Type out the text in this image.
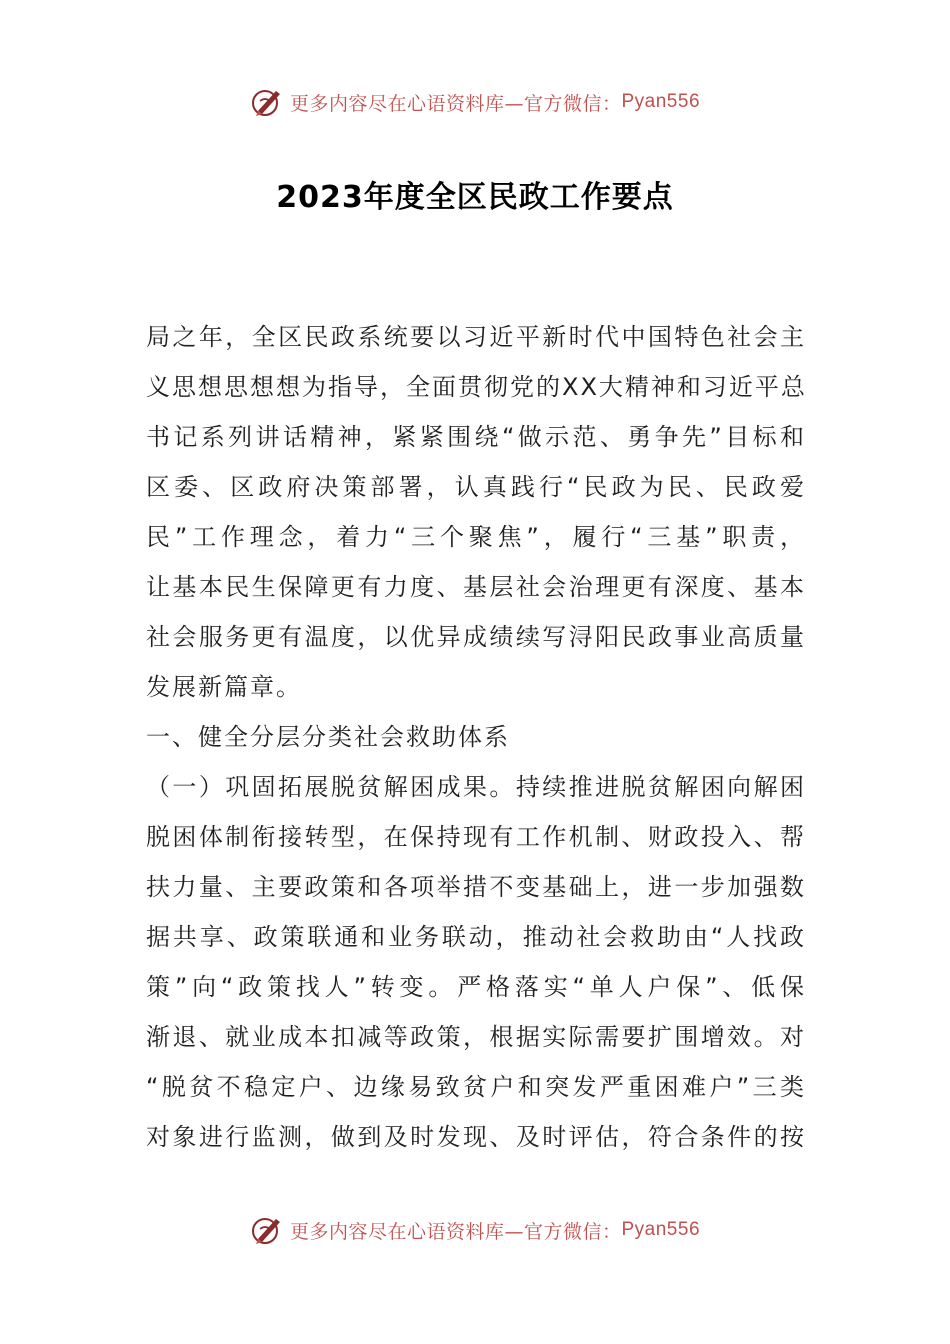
更多内容尽在心语资料库—官方微信： Pyan556
2023年度全区民政工作要点
局之年，全区民政系统要以习近平新时代中国特色社会主
义思想思想想为指导，全面贯彻党的XX大精神和习近平总
书记系列讲话精神，紧紧围绕“做示范、勇争先”目标和
区委、区政府决策部署，认真践行“民政为民、民政爱
民”工作理念，着力“三个聚焦”，履行“三基”职责，
让基本民生保障更有力度、基层社会治理更有深度、基本
社会服务更有温度，以优异成绩续写浔阳民政事业高质量
发展新篇章。
一、健全分层分类社会救助体系
（一）巩固拓展脱贫解困成果。持续推进脱贫解困向解困
脱困体制衔接转型，在保持现有工作机制、财政投入、帮
扶力量、主要政策和各项举措不变基础上，进一步加强数
据共享、政策联通和业务联动，推动社会救助由“人找政
策”向“政策找人”转变。严格落实“单人户保”、低保
渐退、就业成本扣减等政策，根据实际需要扩围增效。对
“脱贫不稳定户、边缘易致贫户和突发严重困难户”三类
对象进行监测，做到及时发现、及时评估，符合条件的按
更多内容尽在心语资料库—官方微信： Pyan556
